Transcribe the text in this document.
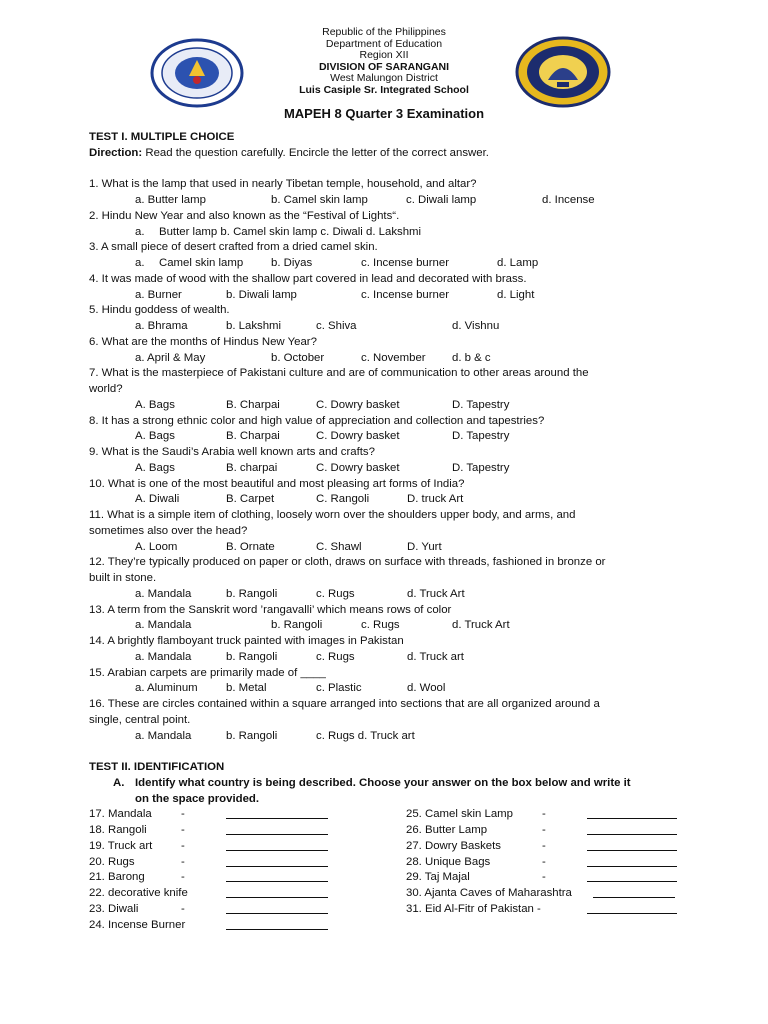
Republic of the Philippines
Department of Education
Region XII
DIVISION OF SARANGANI
West Malungon District
Luis Casiple Sr. Integrated School
MAPEH 8 Quarter 3 Examination
TEST I. MULTIPLE CHOICE
Direction: Read the question carefully. Encircle the letter of the correct answer.
1. What is the lamp that used in nearly Tibetan temple, household, and altar?
a. Butter lamp	b. Camel skin lamp	c. Diwali lamp	d. Incense
2. Hindu New Year and also known as the “Festival of Lights“.
a. Butter lamp b. Camel skin lamp c. Diwali d. Lakshmi
3. A small piece of desert crafted from a dried camel skin.
a. Camel skin lamp b. Diyas	c. Incense burner	d. Lamp
4. It was made of wood with the shallow part covered in lead and decorated with brass.
a. Burner	b. Diwali lamp	c. Incense burner	d. Light
5. Hindu goddess of wealth.
a. Bhrama	b. Lakshmi	c. Shiva	d. Vishnu
6. What are the months of Hindus New Year?
a. April & May	b. October	c. November d. b & c
7. What is the masterpiece of Pakistani culture and are of communication to other areas around the
world?
A. Bags	B. Charpai	C. Dowry basket	D. Tapestry
8. It has a strong ethnic color and high value of appreciation and collection and tapestries?
A. Bags	B. Charpai	C. Dowry basket	D. Tapestry
9. What is the Saudi’s Arabia well known arts and crafts?
A. Bags	B. charpai	C. Dowry basket	D. Tapestry
10. What is one of the most beautiful and most pleasing art forms of India?
A. Diwali	B. Carpet	C. Rangoli	D. truck Art
11. What is a simple item of clothing, loosely worn over the shoulders upper body, and arms, and
sometimes also over the head?
A. Loom	B. Ornate	C. Shawl	D. Yurt
12. They’re typically produced on paper or cloth, draws on surface with threads, fashioned in bronze or
built in stone.
a. Mandala	b. Rangoli	c. Rugs	d. Truck Art
13. A term from the Sanskrit word ’rangavalli’ which means rows of color
a. Mandala	b. Rangoli	c. Rugs	d. Truck Art
14. A brightly flamboyant truck painted with images in Pakistan
a. Mandala	b. Rangoli	c. Rugs	d. Truck art
15. Arabian carpets are primarily made of ____
a. Aluminum b. Metal	c. Plastic	d. Wool
16. These are circles contained within a square arranged into sections that are all organized around a
single, central point.
a. Mandala	b. Rangoli	c. Rugs d. Truck art
TEST II. IDENTIFICATION
A. Identify what country is being described. Choose your answer on the box below and write it
on the space provided.
17. Mandala	-
18. Rangoli	-
19. Truck art	-
20. Rugs	-
21. Barong	-
22. decorative knife
23. Diwali	-
24. Incense Burner
25. Camel skin Lamp	-
26. Butter Lamp	-
27. Dowry Baskets	-
28. Unique Bags	-
29. Taj Majal	-
30. Ajanta Caves of Maharashtra
31. Eid Al-Fitr of Pakistan -
